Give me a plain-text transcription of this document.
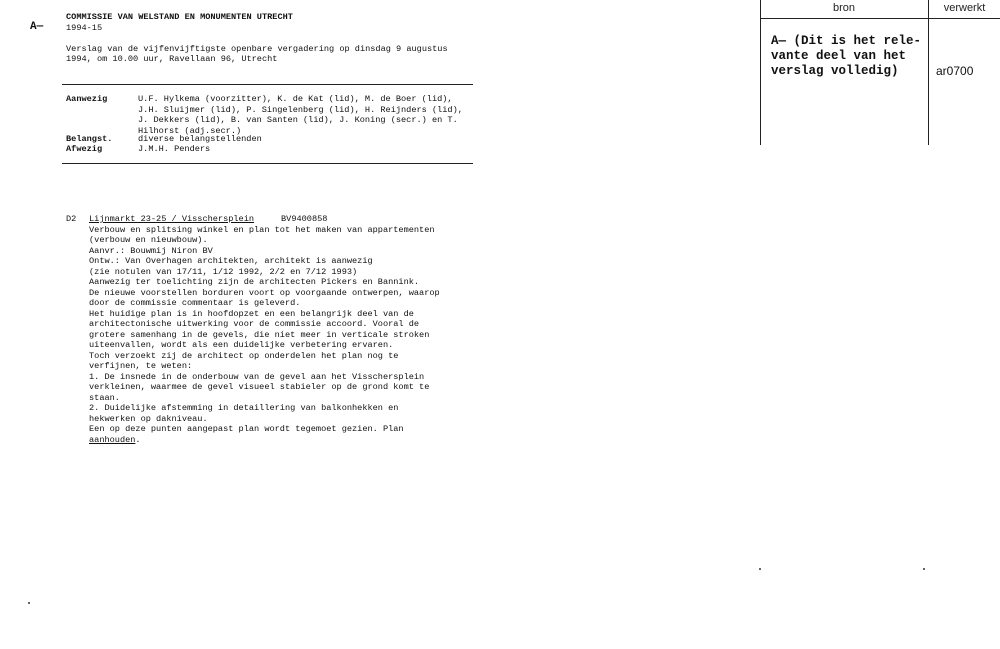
A—
COMMISSIE VAN WELSTAND EN MONUMENTEN UTRECHT
1994-15
Verslag van de vijfenvijftigste openbare vergadering op dinsdag 9 augustus
1994, om 10.00 uur, Ravellaan 96, Utrecht
Aanwezig	U.F. Hylkema (voorzitter), K. de Kat (lid), M. de Boer (lid),
J.H. Sluijmer (lid), P. Singelenberg (lid), H. Reijnders (lid),
J. Dekkers (lid), B. van Santen (lid), J. Koning (secr.) en T.
Hilhorst (adj.secr.)
Belangst.	diverse belangstellenden
Afwezig	J.M.H. Penders
D2 Lijnmarkt 23-25 / Visschersplein	BV9400858
Verbouw en splitsing winkel en plan tot het maken van appartementen
(verbouw en nieuwbouw).
Aanvr.: Bouwmij Niron BV
Ontw.: Van Overhagen architekten, architekt is aanwezig
(zie notulen van 17/11, 1/12 1992, 2/2 en 7/12 1993)
Aanwezig ter toelichting zijn de architecten Pickers en Bannink.
De nieuwe voorstellen borduren voort op voorgaande ontwerpen, waarop
door de commissie commentaar is geleverd.
Het huidige plan is in hoofdopzet en een belangrijk deel van de
architectonische uitwerking voor de commissie accoord. Vooral de
grotere samenhang in de gevels, die niet meer in verticale stroken
uiteenvallen, wordt als een duidelijke verbetering ervaren.
Toch verzoekt zij de architect op onderdelen het plan nog te
verfijnen, te weten:
1. De insnede in de onderbouw van de gevel aan het Visschersplein
verkleinen, waarmee de gevel visueel stabieler op de grond komt te
staan.
2. Duidelijke afstemming in detaillering van balkonhekken en
hekwerken op dakniveau.
Een op deze punten aangepast plan wordt tegemoet gezien. Plan
aanhouden.
bron	verwerkt
A— (Dit is het rele-
vante deel van het
verslag volledig)	ar0700
